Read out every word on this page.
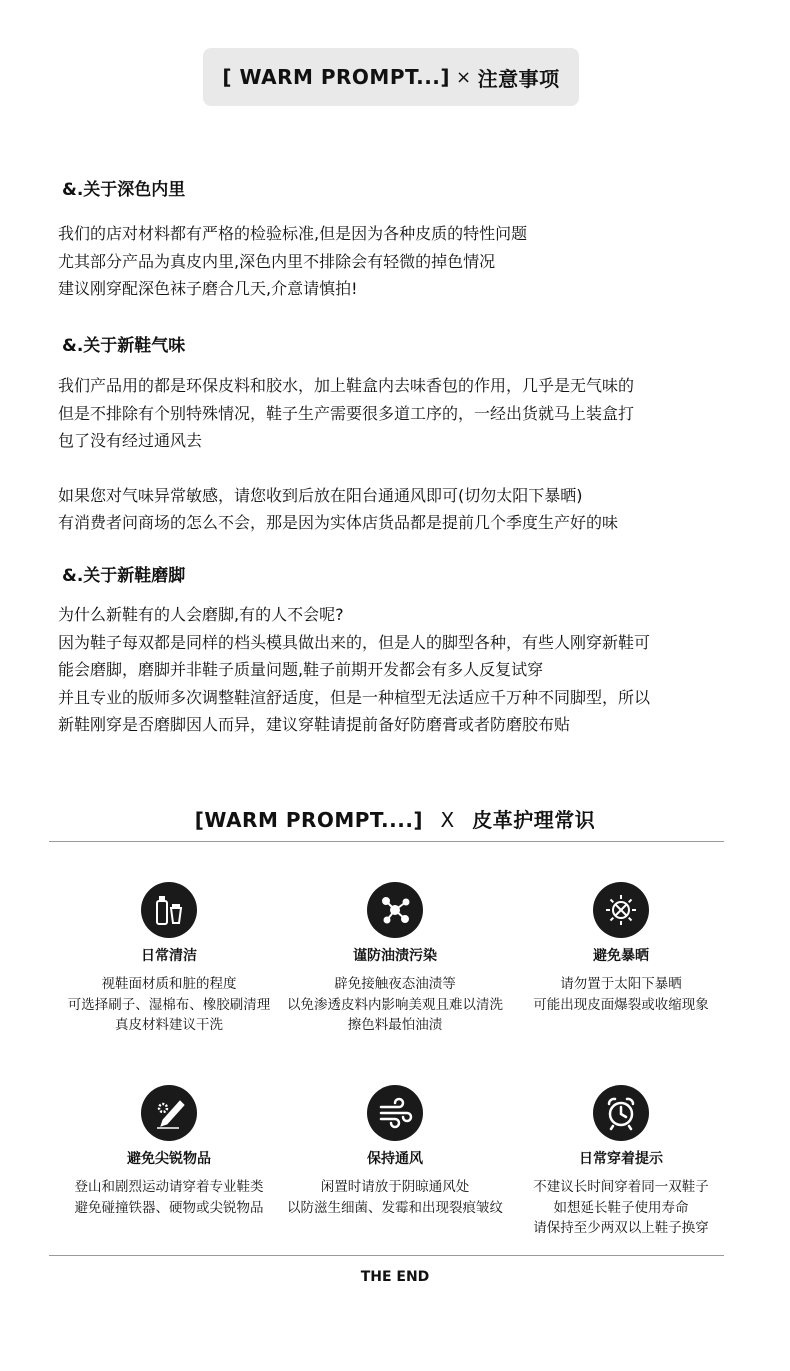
[ WARM PROMPT...] × 注意事项
&.关于深色内里
我们的店对材料都有严格的检验标准,但是因为各种皮质的特性问题
尤其部分产品为真皮内里,深色内里不排除会有轻微的掉色情况
建议刚穿配深色袜子磨合几天,介意请慎拍!
&.关于新鞋气味
我们产品用的都是环保皮料和胶水，加上鞋盒内去味香包的作用，几乎是无气味的
但是不排除有个别特殊情况，鞋子生产需要很多道工序的，一经出货就马上装盒打
包了没有经过通风去
如果您对气味异常敏感，请您收到后放在阳台通通风即可(切勿太阳下暴晒)
有消费者问商场的怎么不会，那是因为实体店货品都是提前几个季度生产好的味
&.关于新鞋磨脚
为什么新鞋有的人会磨脚,有的人不会呢?
因为鞋子每双都是同样的档头模具做出来的，但是人的脚型各种，有些人刚穿新鞋可
能会磨脚，磨脚并非鞋子质量问题,鞋子前期开发都会有多人反复试穿
并且专业的版师多次调整鞋渲舒适度，但是一种楦型无法适应千万种不同脚型，所以
新鞋刚穿是否磨脚因人而异，建议穿鞋请提前备好防磨膏或者防磨胶布贴
[WARM PROMPT....] X 皮革护理常识
日常清洁
视鞋面材质和脏的程度
可选择刷子、湿棉布、橡胶刷清理
真皮材料建议干洗
谨防油渍污染
辟免接触夜态油渍等
以免渗透皮料内影响美观且难以清洗
擦色料最怕油渍
避免暴晒
请勿置于太阳下暴晒
可能出现皮面爆裂或收缩现象
避免尖锐物品
登山和剧烈运动请穿着专业鞋类
避免碰撞铁器、硬物或尖锐物品
保持通风
闲置时请放于阴晾通风处
以防滋生细菌、发霉和出现裂痕皱纹
日常穿着提示
不建议长时间穿着同一双鞋子
如想延长鞋子使用寿命
请保持至少两双以上鞋子换穿
THE END
